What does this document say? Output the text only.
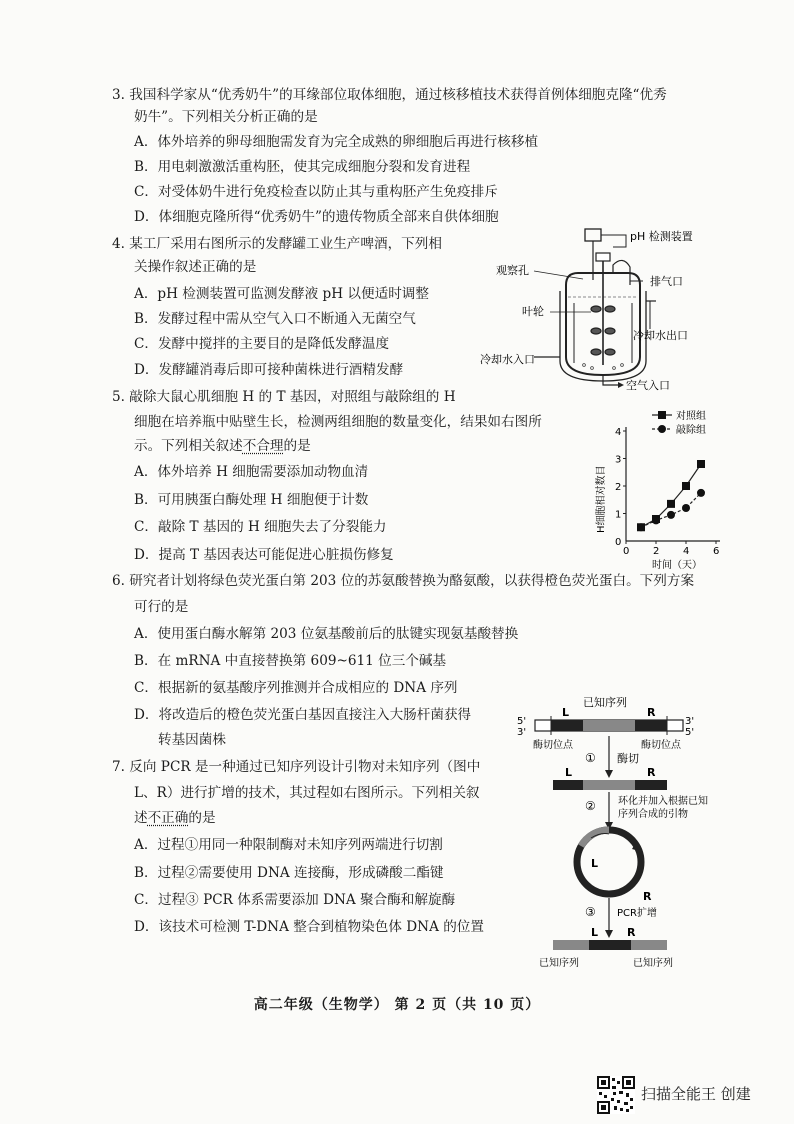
3. 我国科学家从“优秀奶牛”的耳缘部位取体细胞，通过核移植技术获得首例体细胞克隆“优秀
奶牛”。下列相关分析正确的是
A．体外培养的卵母细胞需发育为完全成熟的卵细胞后再进行核移植
B．用电刺激激活重构胚，使其完成细胞分裂和发育进程
C．对受体奶牛进行免疫检查以防止其与重构胚产生免疫排斥
D．体细胞克隆所得“优秀奶牛”的遗传物质全部来自供体细胞
4. 某工厂采用右图所示的发酵罐工业生产啤酒，下列相
关操作叙述正确的是
A．pH 检测装置可监测发酵液 pH 以便适时调整
B．发酵过程中需从空气入口不断通入无菌空气
C．发酵中搅拌的主要目的是降低发酵温度
D．发酵罐消毒后即可接种菌株进行酒精发酵
pH 检测装置
观察孔
排气口
叶轮
冷却水出口
冷却水入口
空气入口
5. 敲除大鼠心肌细胞 H 的 T 基因，对照组与敲除组的 H
细胞在培养瓶中贴壁生长，检测两组细胞的数量变化，结果如右图所
示。下列相关叙述不合理的是
A．体外培养 H 细胞需要添加动物血清
B．可用胰蛋白酶处理 H 细胞便于计数
C．敲除 T 基因的 H 细胞失去了分裂能力
D．提高 T 基因表达可能促进心脏损伤修复
对照组
敲除组
0 2 4 6
0
1
2
3
4
时间（天）
H细胞相对数目
6. 研究者计划将绿色荧光蛋白第 203 位的苏氨酸替换为酪氨酸，以获得橙色荧光蛋白。下列方案
可行的是
A．使用蛋白酶水解第 203 位氨基酸前后的肽键实现氨基酸替换
B．在 mRNA 中直接替换第 609~611 位三个碱基
C．根据新的氨基酸序列推测并合成相应的 DNA 序列
D．将改造后的橙色荧光蛋白基因直接注入大肠杆菌获得
转基因菌株
7. 反向 PCR 是一种通过已知序列设计引物对未知序列（图中
L、R）进行扩增的技术，其过程如右图所示。下列相关叙
述不正确的是
A．过程①用同一种限制酶对未知序列两端进行切割
B．过程②需要使用 DNA 连接酶，形成磷酸二酯键
C．过程③ PCR 体系需要添加 DNA 聚合酶和解旋酶
D．该技术可检测 T-DNA 整合到植物染色体 DNA 的位置
已知序列
L	R
5'
3'
3'
5'
酶切位点	酶切位点
① 酶切
L	R
② 环化并加入根据已知
序列合成的引物
L
R
③ PCR扩增
L	R
已知序列	已知序列
高二年级（生物学） 第 2 页（共 10 页）
扫描全能王 创建
